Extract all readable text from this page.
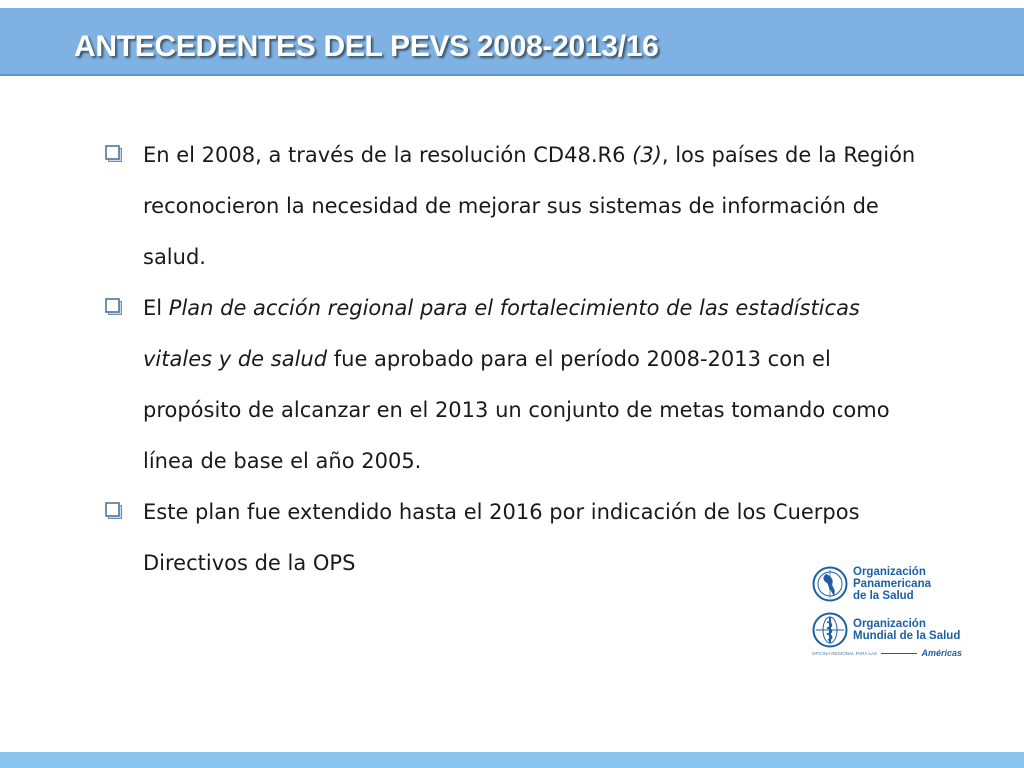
ANTECEDENTES DEL PEVS 2008-2013/16
En el 2008, a través de la resolución CD48.R6 (3), los países de la Región reconocieron la necesidad de mejorar sus sistemas de información de salud.
El Plan de acción regional para el fortalecimiento de las estadísticas vitales y de salud fue aprobado para el período 2008-2013 con el propósito de alcanzar en el 2013 un conjunto de metas tomando como línea de base el año 2005.
Este plan fue extendido hasta el 2016 por indicación de los Cuerpos Directivos de la OPS	Organización
Panamericana
de la Salud
Organización
Mundial de la Salud
OFICINA REGIONAL PARA LAS	Américas
